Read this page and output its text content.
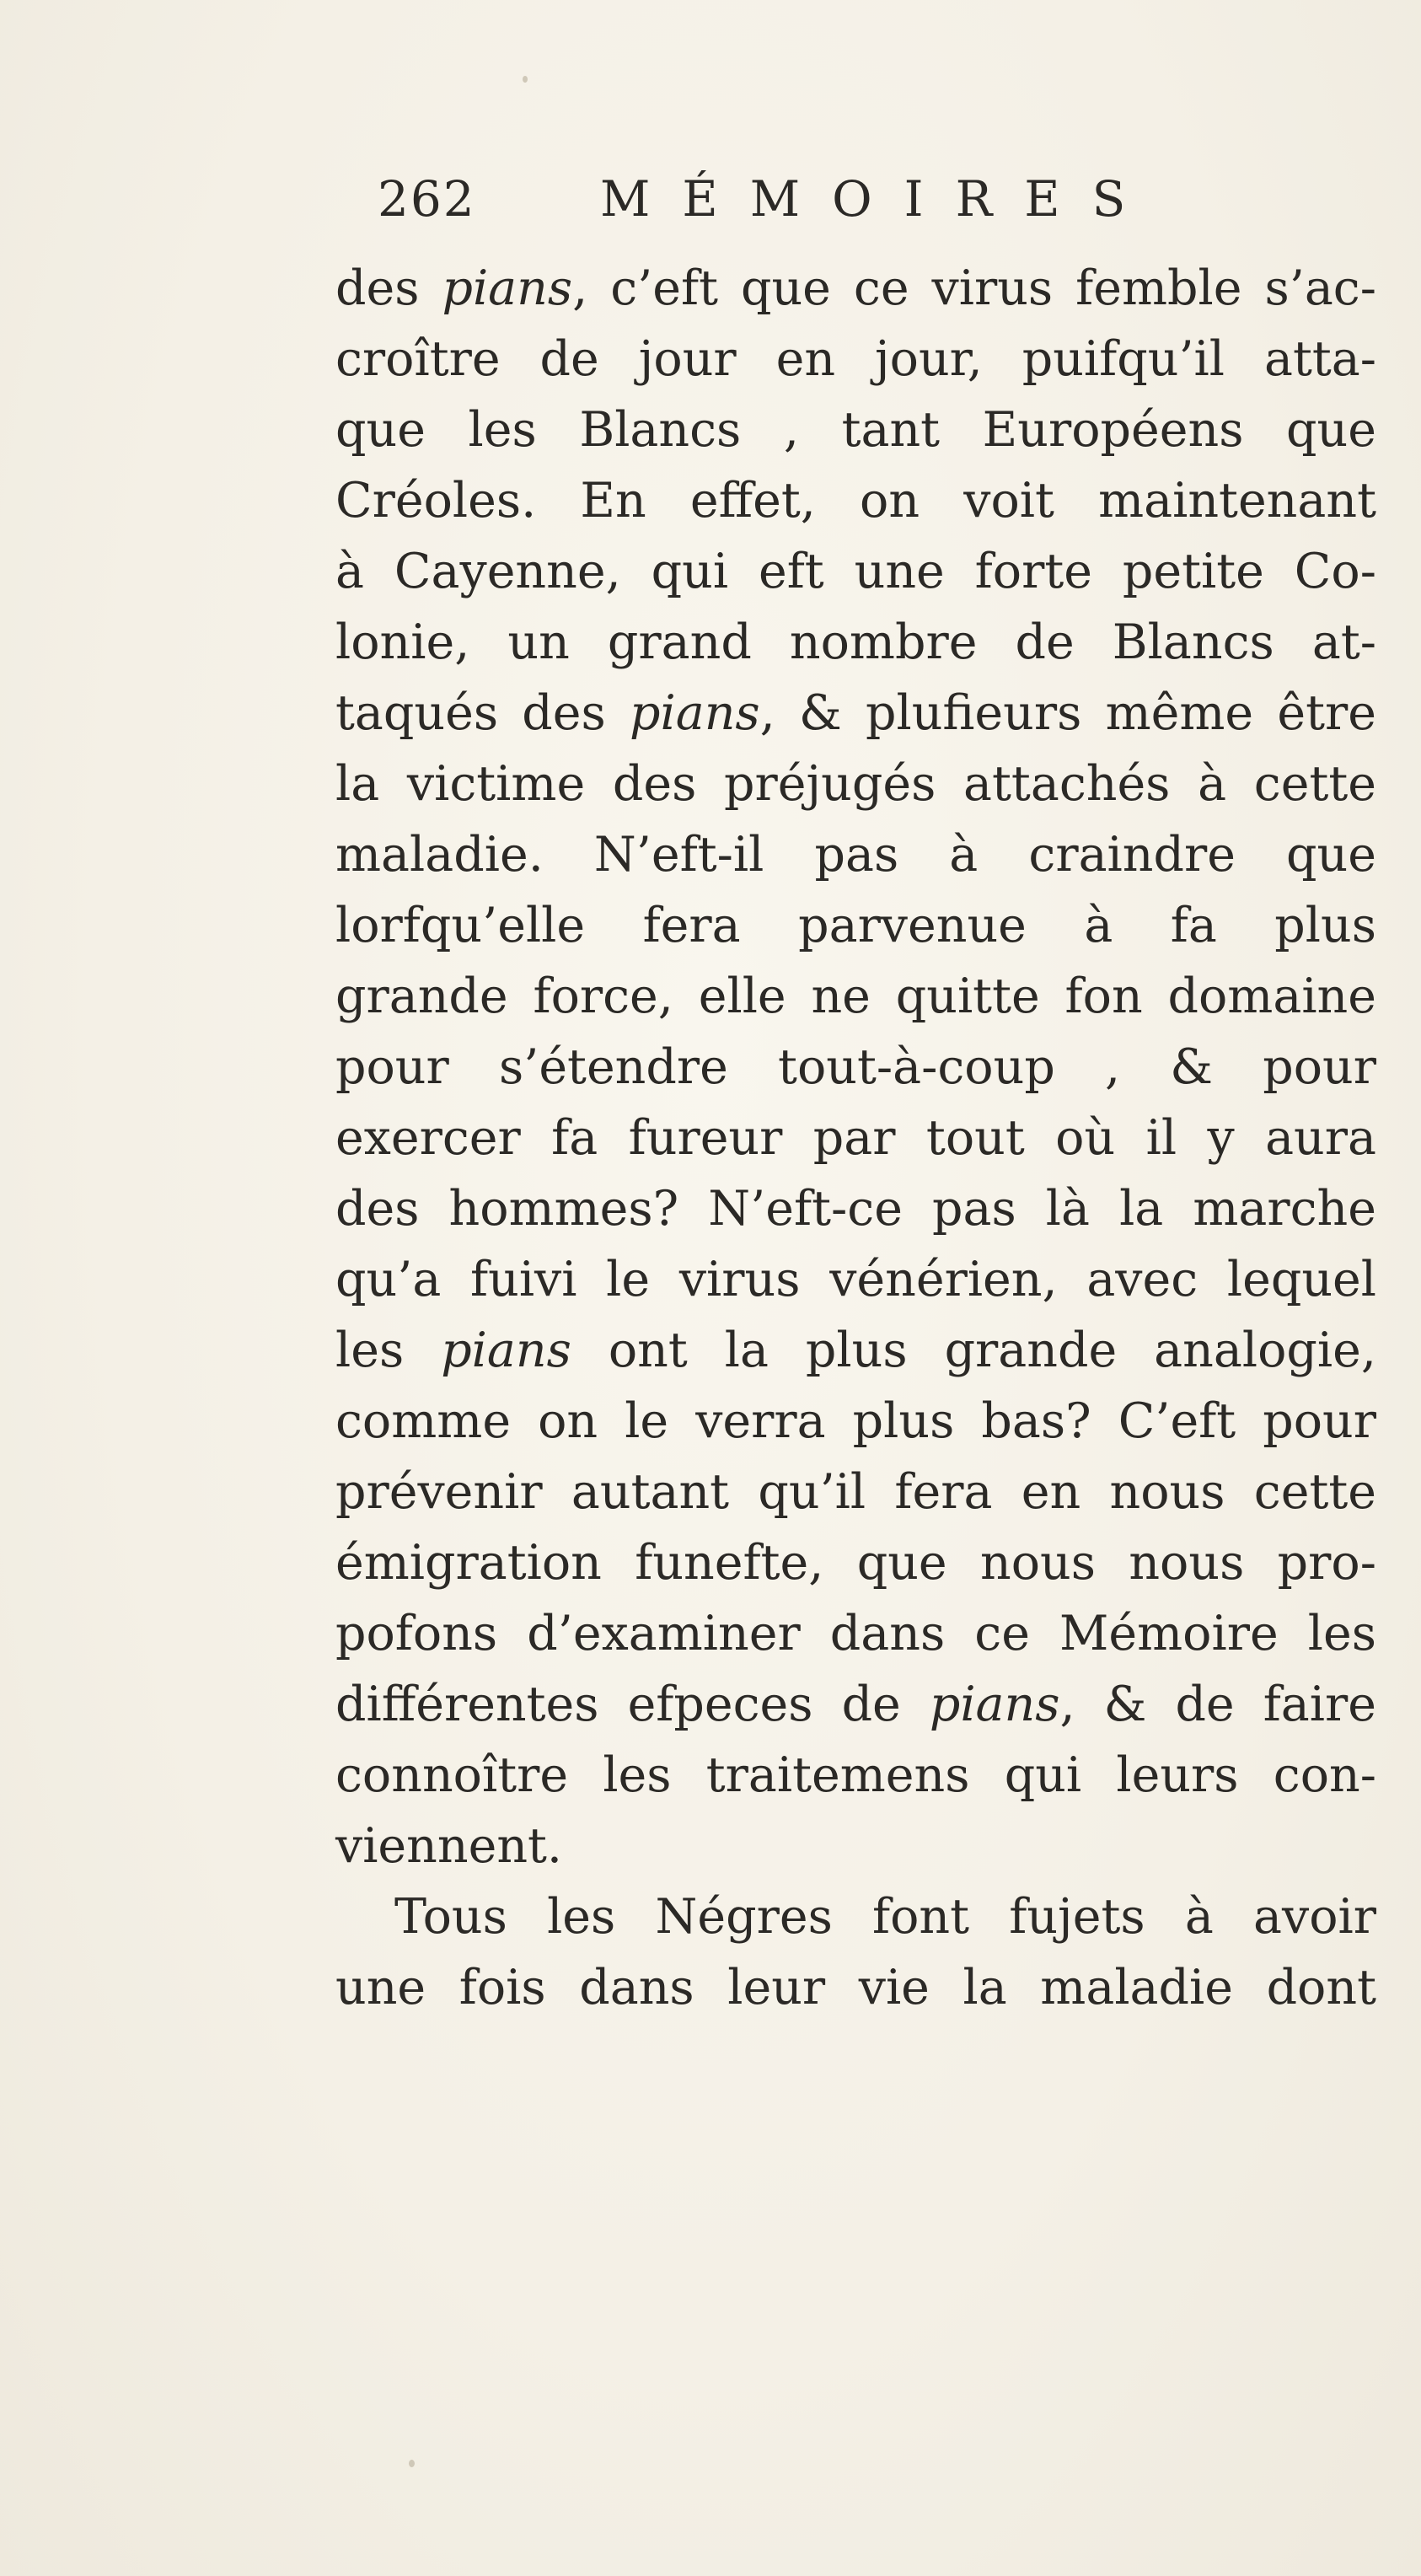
262	MÉMOIRES
des pians, c’eft que ce virus femble s’ac-
croître de jour en jour, puifqu’il atta-
que les Blancs , tant Européens que
Créoles. En effet, on voit maintenant
à Cayenne, qui eft une forte petite Co-
lonie, un grand nombre de Blancs at-
taqués des pians, & plufieurs même être
la victime des préjugés attachés à cette
maladie. N’eft-il pas à craindre que
lorfqu’elle fera parvenue à fa plus
grande force, elle ne quitte fon domaine
pour s’étendre tout-à-coup , & pour
exercer fa fureur par tout où il y aura
des hommes? N’eft-ce pas là la marche
qu’a fuivi le virus vénérien, avec lequel
les pians ont la plus grande analogie,
comme on le verra plus bas? C’eft pour
prévenir autant qu’il fera en nous cette
émigration funefte, que nous nous pro-
pofons d’examiner dans ce Mémoire les
différentes efpeces de pians, & de faire
connoître les traitemens qui leurs con-
viennent.
Tous les Négres font fujets à avoir
une fois dans leur vie la maladie dont
